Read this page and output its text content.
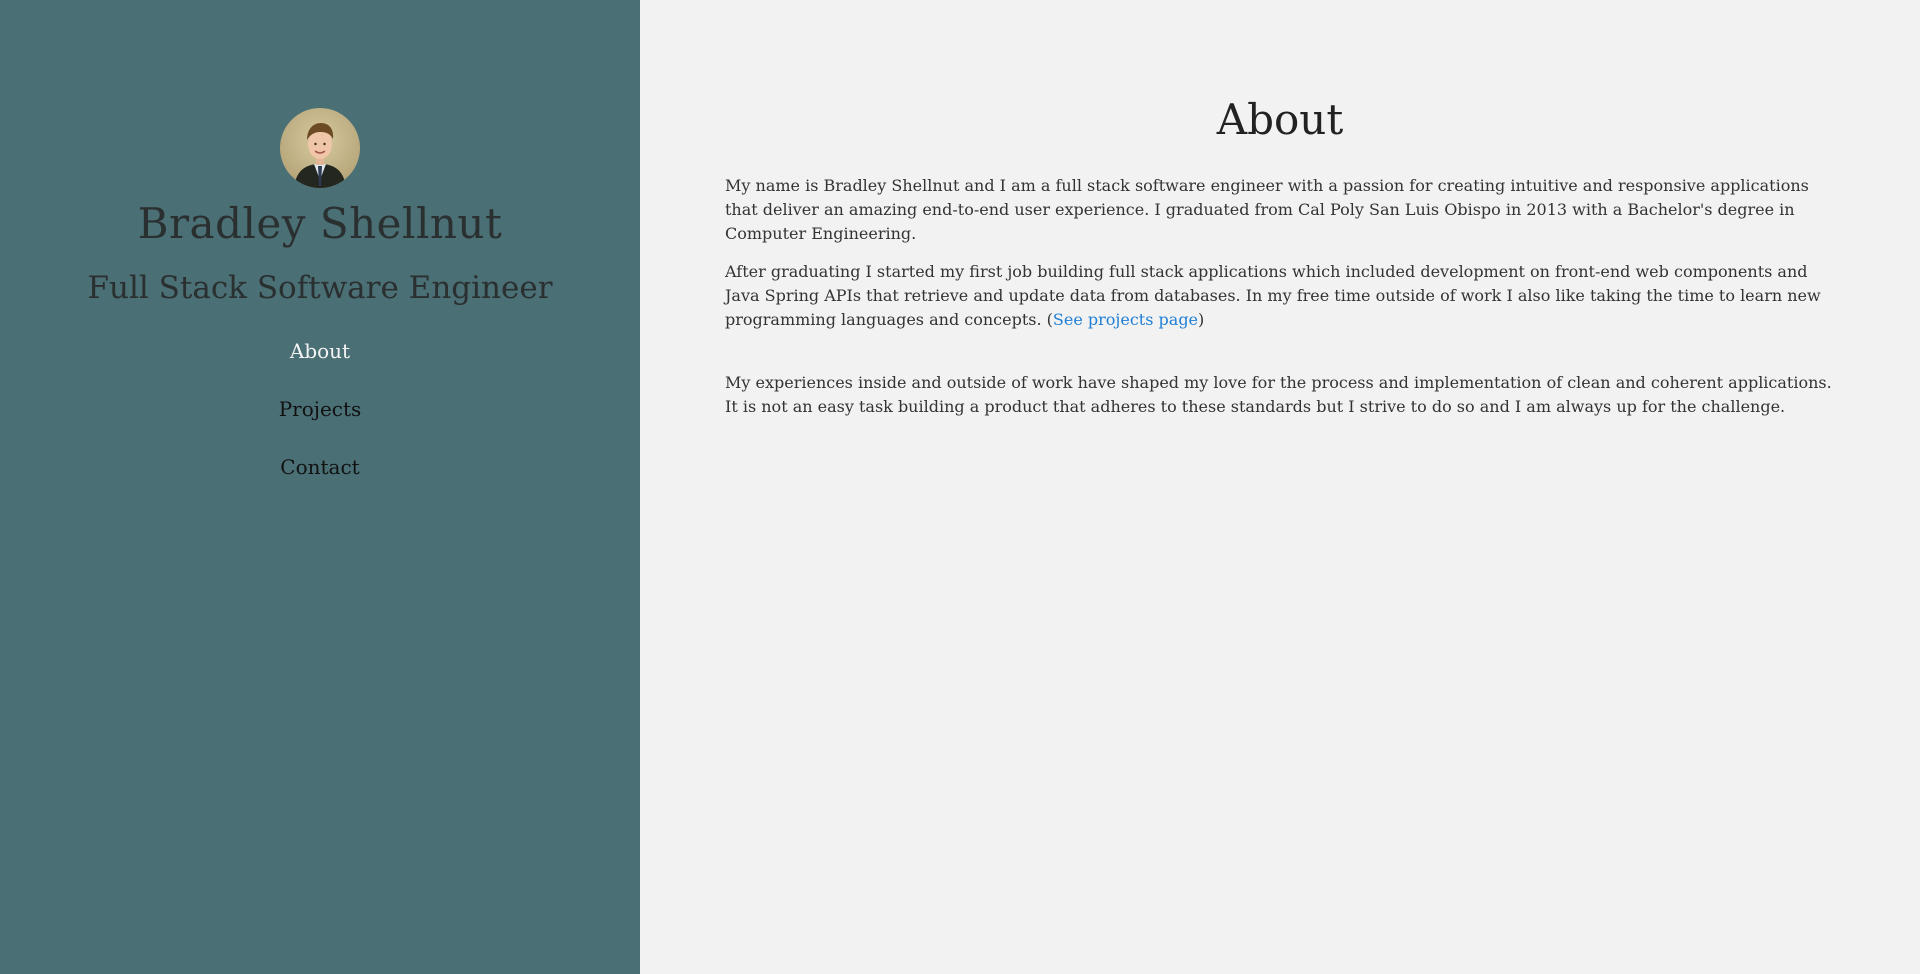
Bradley Shellnut
Full Stack Software Engineer
About
Projects
Contact
About

My name is Bradley Shellnut and I am a full stack software engineer with a passion for creating intuitive and responsive applications that deliver an amazing end-to-end user experience. I graduated from Cal Poly San Luis Obispo in 2013 with a Bachelor's degree in Computer Engineering.

After graduating I started my first job building full stack applications which included development on front-end web components and Java Spring APIs that retrieve and update data from databases. In my free time outside of work I also like taking the time to learn new programming languages and concepts. (See projects page)

My experiences inside and outside of work have shaped my love for the process and implementation of clean and coherent applications. It is not an easy task building a product that adheres to these standards but I strive to do so and I am always up for the challenge.
